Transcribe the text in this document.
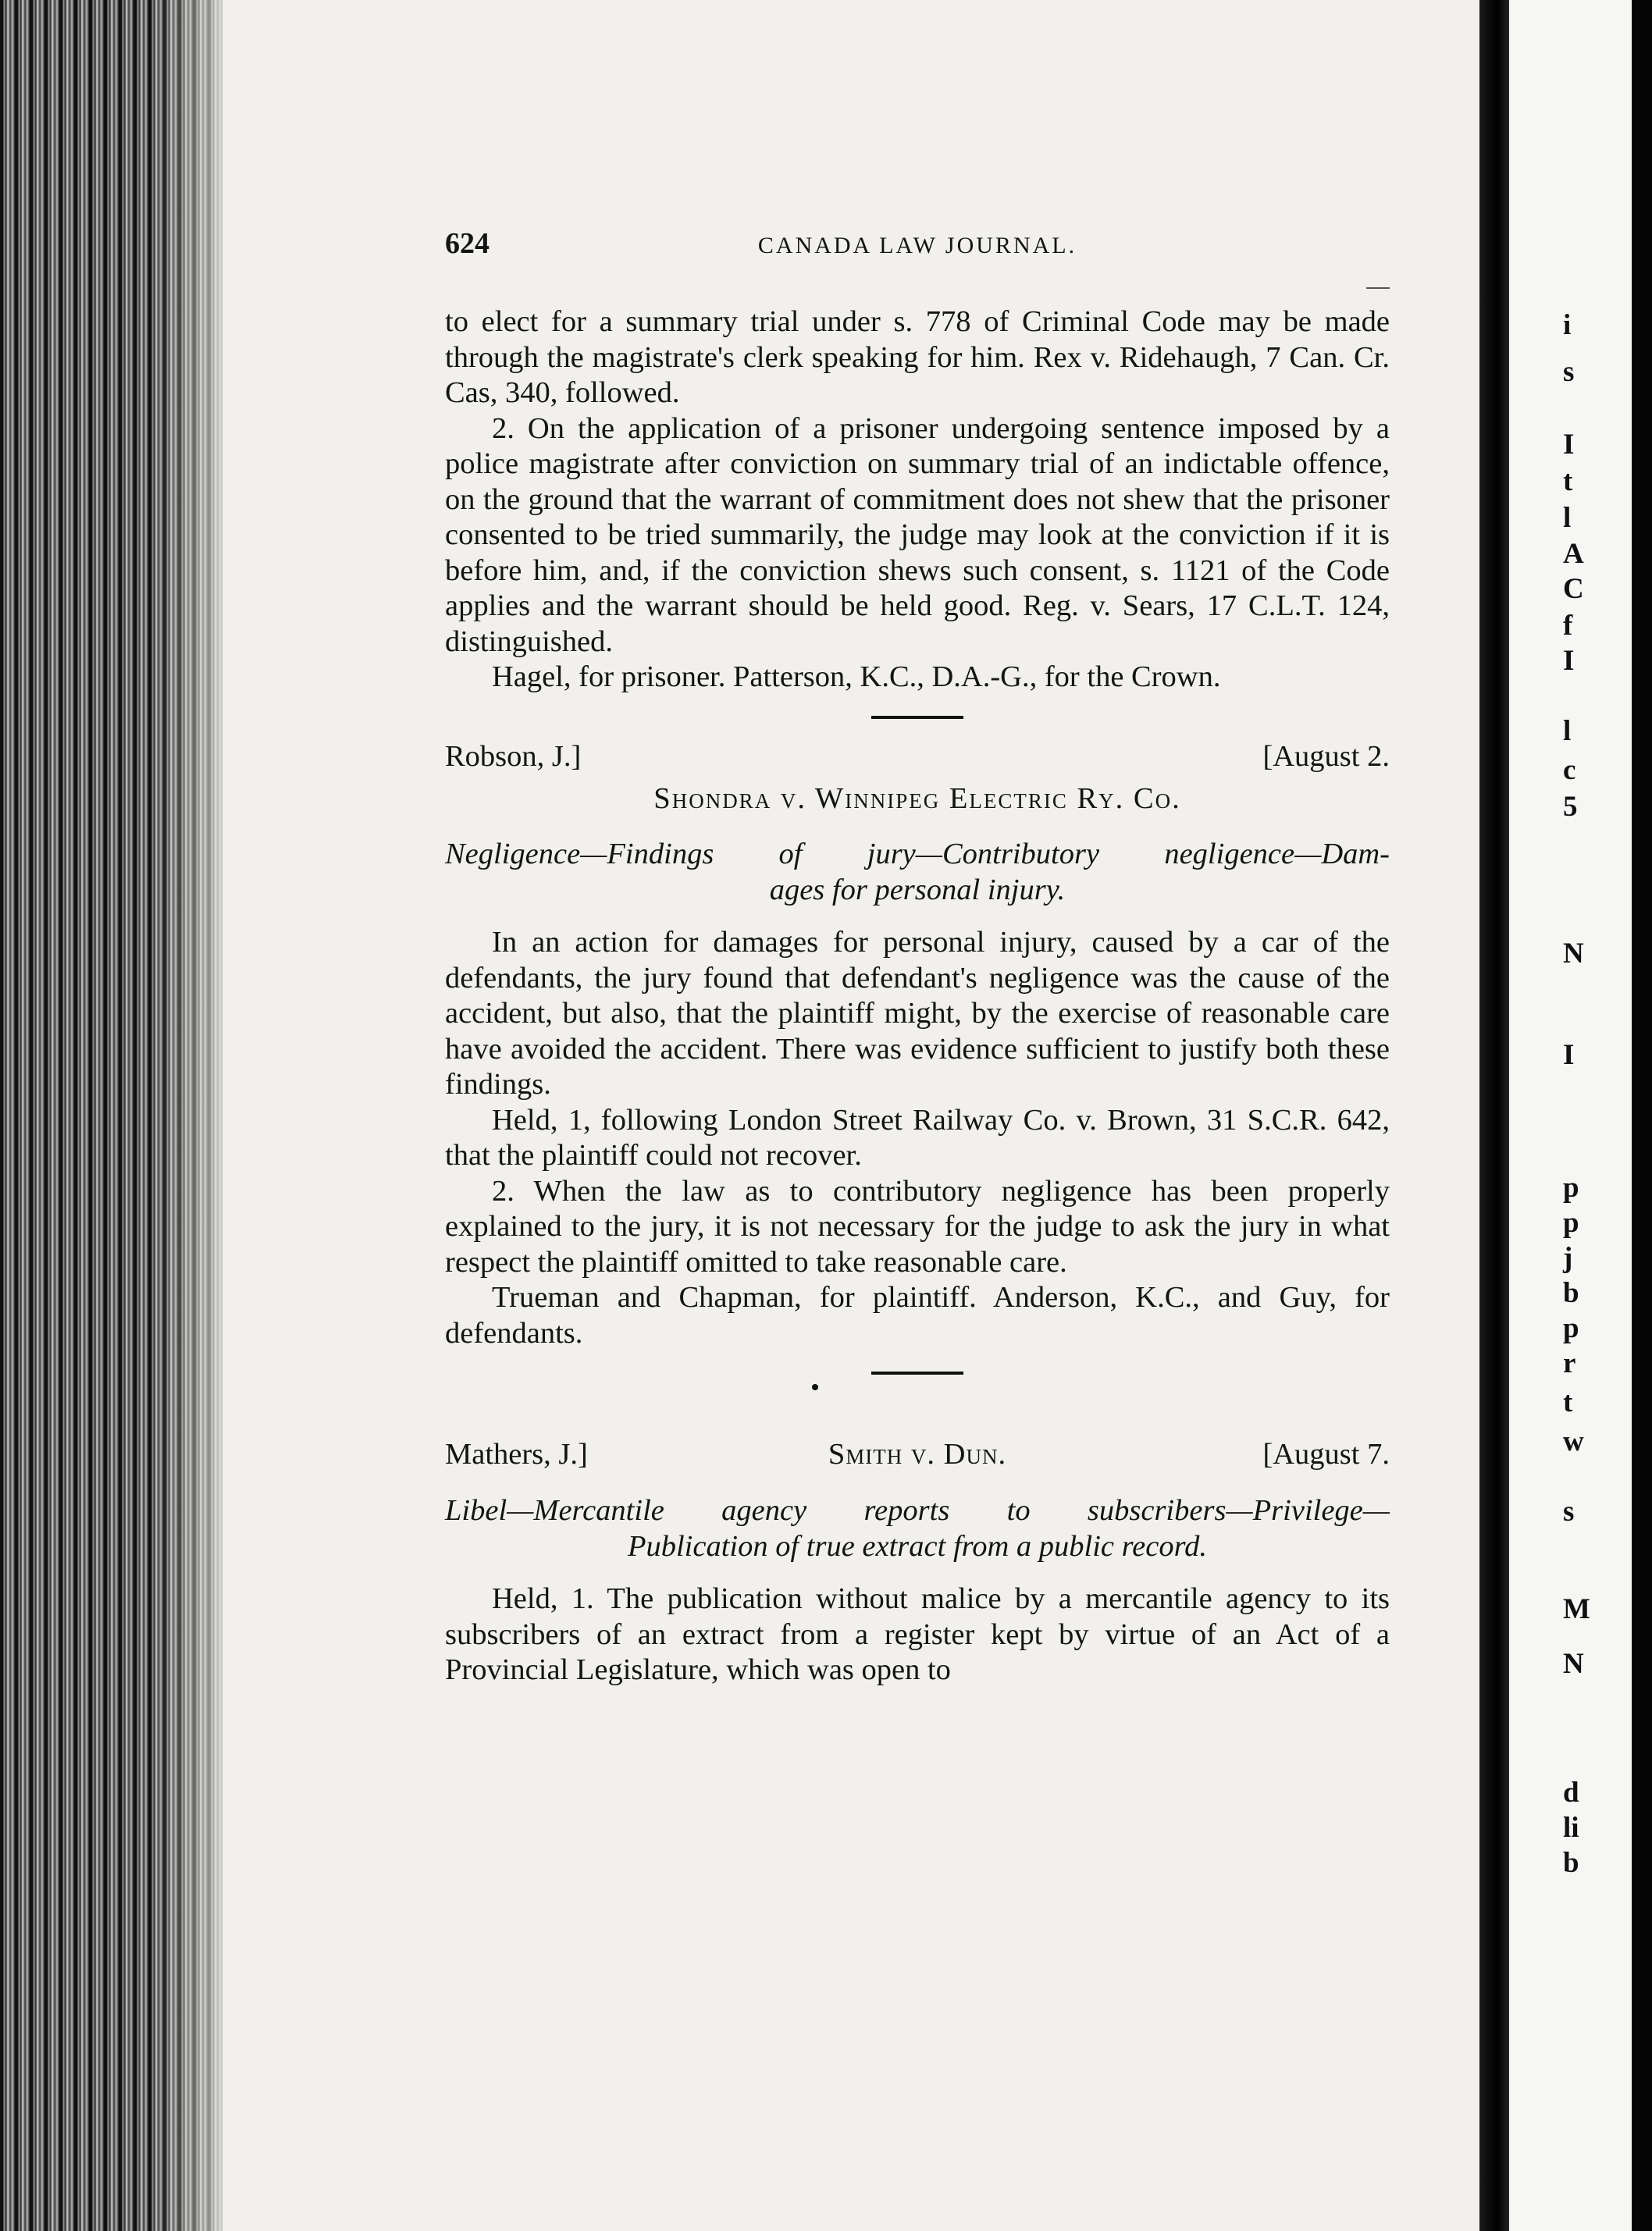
i
s
I
t
l
A
C
f
I
l
c
5
N
I
p
p
j
b
p
r
t
w
s
M
N
d
li
b
624	CANADA LAW JOURNAL.

to elect for a summary trial under s. 778 of Criminal Code may be made through the magistrate's clerk speaking for him. Rex v. Ridehaugh, 7 Can. Cr. Cas, 340, followed.

2. On the application of a prisoner undergoing sentence imposed by a police magistrate after conviction on summary trial of an indictable offence, on the ground that the warrant of commitment does not shew that the prisoner consented to be tried summarily, the judge may look at the conviction if it is before him, and, if the conviction shews such consent, s. 1121 of the Code applies and the warrant should be held good. Reg. v. Sears, 17 C.L.T. 124, distinguished.

Hagel, for prisoner. Patterson, K.C., D.A.-G., for the Crown.

Robson, J.]	[August 2.
Shondra v. Winnipeg Electric Ry. Co.
Negligence—Findings of jury—Contributory negligence—Dam-
ages for personal injury.

In an action for damages for personal injury, caused by a car of the defendants, the jury found that defendant's negligence was the cause of the accident, but also, that the plaintiff might, by the exercise of reasonable care have avoided the accident. There was evidence sufficient to justify both these findings.

Held, 1, following London Street Railway Co. v. Brown, 31 S.C.R. 642, that the plaintiff could not recover.

2. When the law as to contributory negligence has been properly explained to the jury, it is not necessary for the judge to ask the jury in what respect the plaintiff omitted to take reasonable care.

Trueman and Chapman, for plaintiff. Anderson, K.C., and Guy, for defendants.

Mathers, J.]	Smith v. Dun.	[August 7.
Libel—Mercantile agency reports to subscribers—Privilege—
Publication of true extract from a public record.

Held, 1. The publication without malice by a mercantile agency to its subscribers of an extract from a register kept by virtue of an Act of a Provincial Legislature, which was open to
